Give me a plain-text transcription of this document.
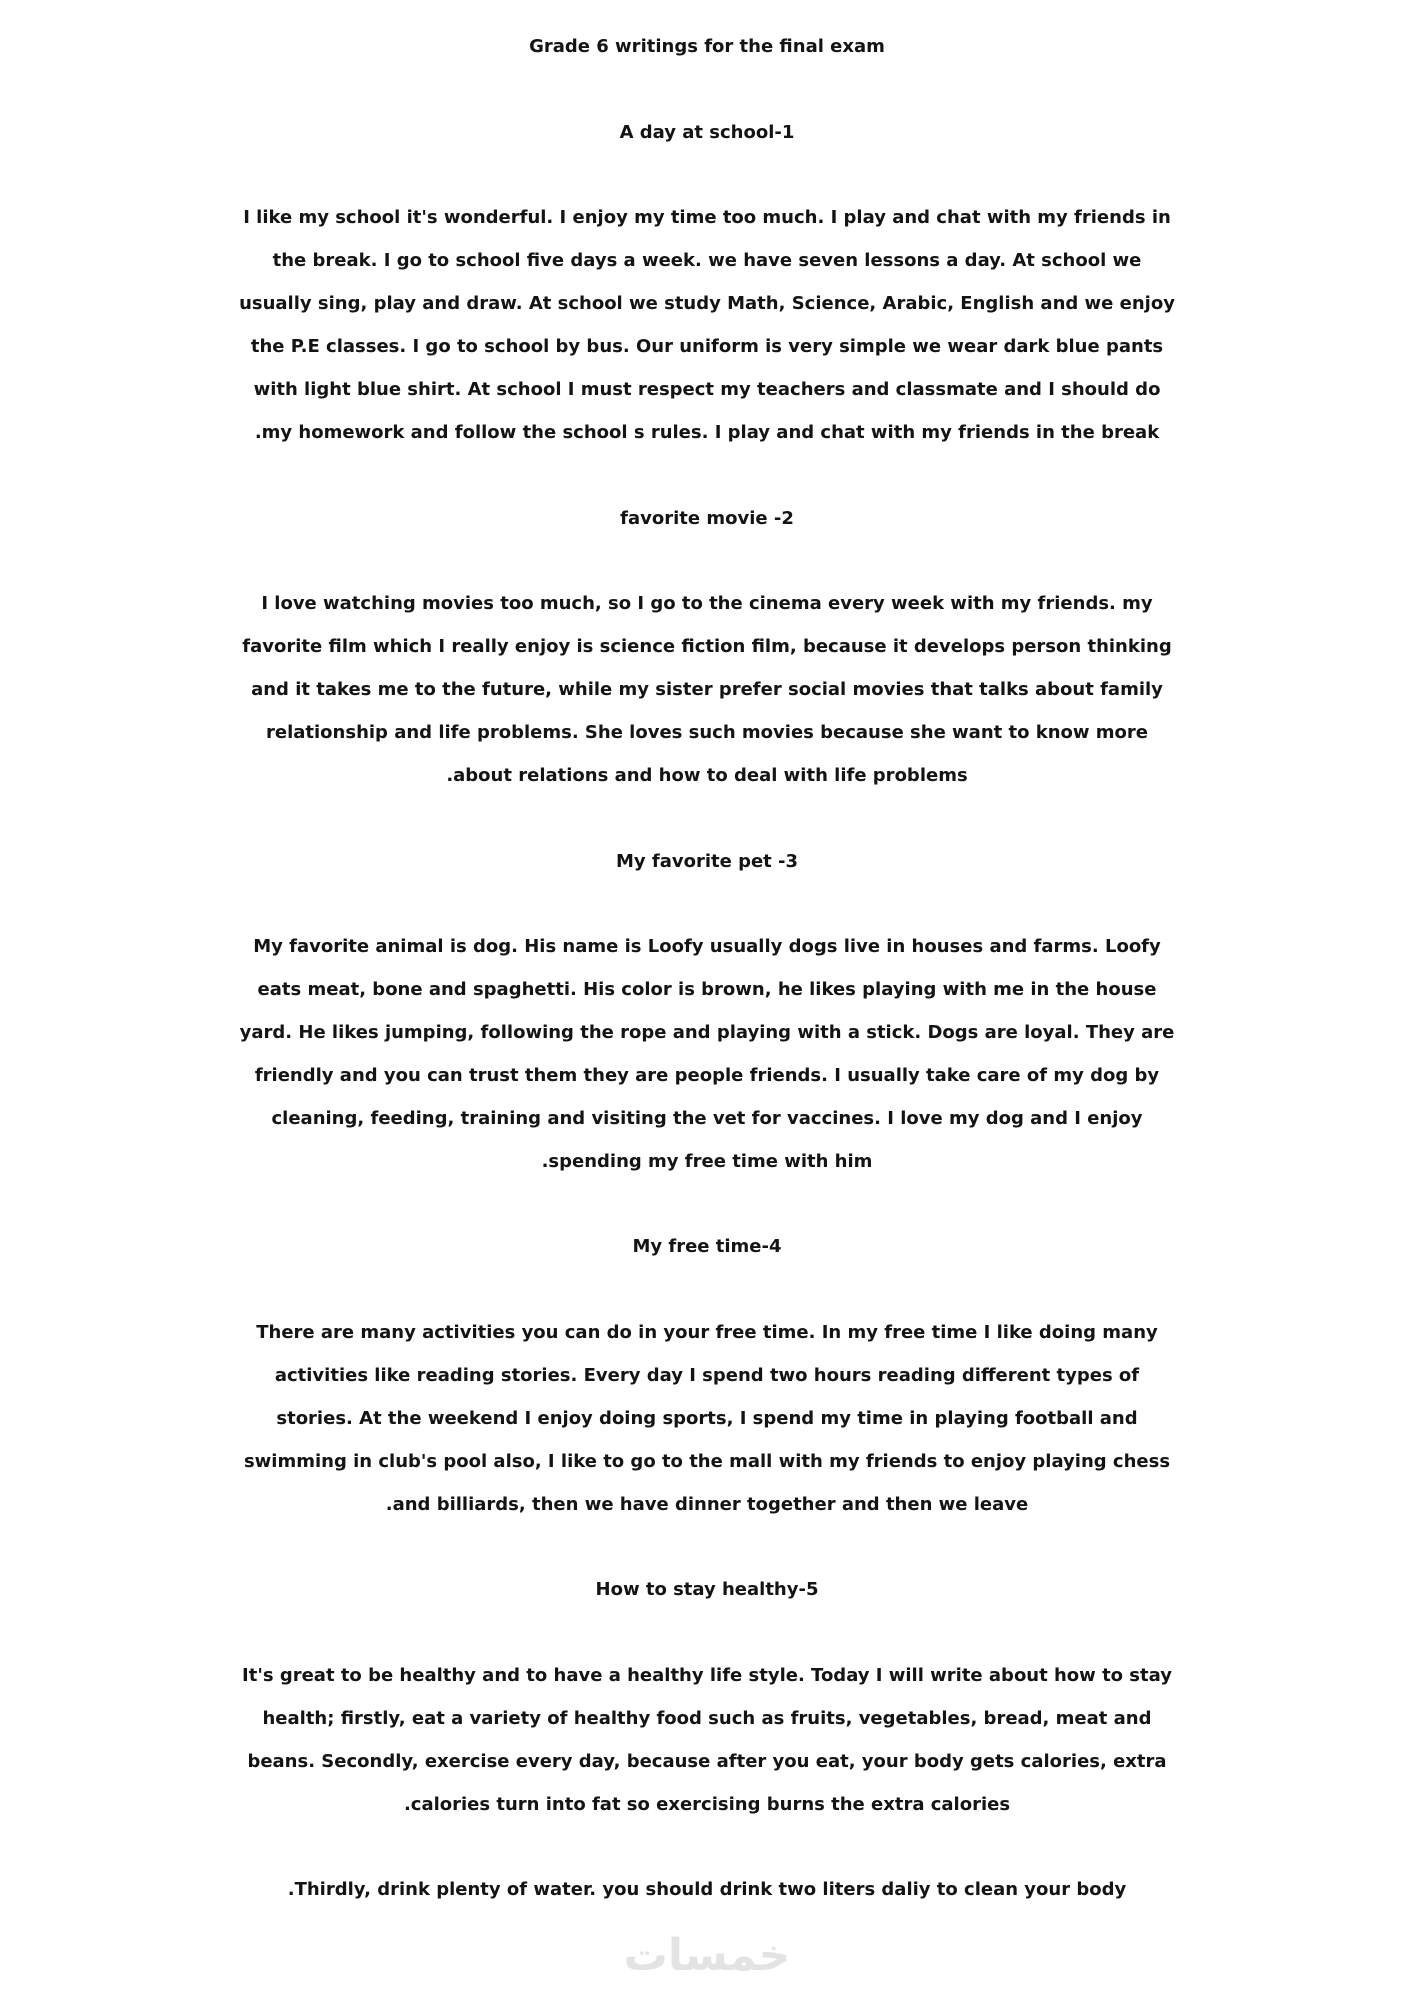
Grade 6 writings for the final exam
A day at school-1
I like my school it's wonderful. I enjoy my time too much. I play and chat with my friends in
the break. I go to school five days a week. we have seven lessons a day. At school we
usually sing, play and draw. At school we study Math, Science, Arabic, English and we enjoy
the P.E classes. I go to school by bus. Our uniform is very simple we wear dark blue pants
with light blue shirt. At school I must respect my teachers and classmate and I should do
.my homework and follow the school s rules. I play and chat with my friends in the break
favorite movie -2
I love watching movies too much, so I go to the cinema every week with my friends. my
favorite film which I really enjoy is science fiction film, because it develops person thinking
and it takes me to the future, while my sister prefer social movies that talks about family
relationship and life problems. She loves such movies because she want to know more
.about relations and how to deal with life problems
My favorite pet -3
My favorite animal is dog. His name is Loofy usually dogs live in houses and farms. Loofy
eats meat, bone and spaghetti. His color is brown, he likes playing with me in the house
yard. He likes jumping, following the rope and playing with a stick. Dogs are loyal. They are
friendly and you can trust them they are people friends. I usually take care of my dog by
cleaning, feeding, training and visiting the vet for vaccines. I love my dog and I enjoy
.spending my free time with him
My free time-4
There are many activities you can do in your free time. In my free time I like doing many
activities like reading stories. Every day I spend two hours reading different types of
stories. At the weekend I enjoy doing sports, I spend my time in playing football and
swimming in club's pool also, I like to go to the mall with my friends to enjoy playing chess
.and billiards, then we have dinner together and then we leave
How to stay healthy-5
It's great to be healthy and to have a healthy life style. Today I will write about how to stay
health; firstly, eat a variety of healthy food such as fruits, vegetables, bread, meat and
beans. Secondly, exercise every day, because after you eat, your body gets calories, extra
.calories turn into fat so exercising burns the extra calories
.Thirdly, drink plenty of water. you should drink two liters daliy to clean your body
خمسات
